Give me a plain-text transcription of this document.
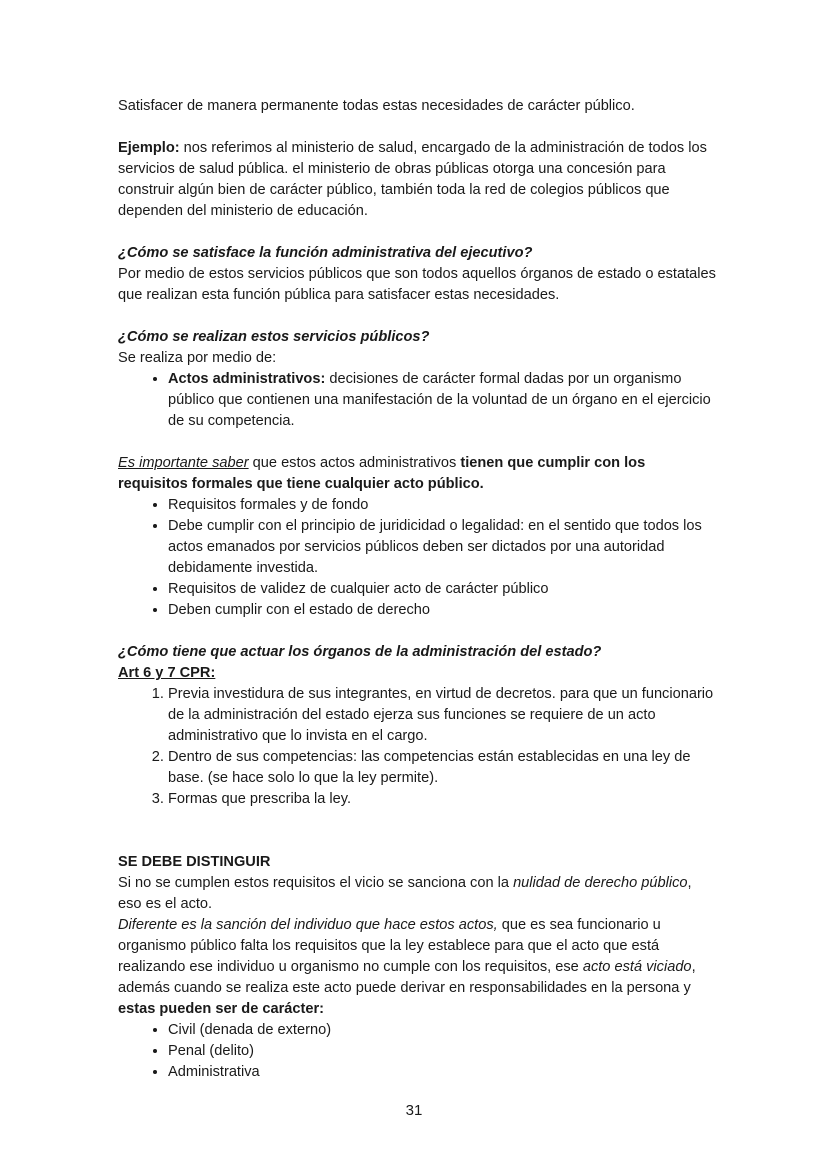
Satisfacer de manera permanente todas estas necesidades de carácter público.

Ejemplo: nos referimos al ministerio de salud, encargado de la administración de todos los servicios de salud pública. el ministerio de obras públicas otorga una concesión para construir algún bien de carácter público, también toda la red de colegios públicos que dependen del ministerio de educación.

¿Cómo se satisface la función administrativa del ejecutivo?

Por medio de estos servicios públicos que son todos aquellos órganos de estado o estatales que realizan esta función pública para satisfacer estas necesidades.

¿Cómo se realizan estos servicios públicos?

Se realiza por medio de:

• Actos administrativos: decisiones de carácter formal dadas por un organismo público que contienen una manifestación de la voluntad de un órgano en el ejercicio de su competencia.

Es importante saber que estos actos administrativos tienen que cumplir con los requisitos formales que tiene cualquier acto público.

• Requisitos formales y de fondo
• Debe cumplir con el principio de juridicidad o legalidad: en el sentido que todos los actos emanados por servicios públicos deben ser dictados por una autoridad debidamente investida.
• Requisitos de validez de cualquier acto de carácter público
• Deben cumplir con el estado de derecho

¿Cómo tiene que actuar los órganos de la administración del estado?

Art 6 y 7 CPR:

1. Previa investidura de sus integrantes, en virtud de decretos. para que un funcionario de la administración del estado ejerza sus funciones se requiere de un acto administrativo que lo invista en el cargo.
2. Dentro de sus competencias: las competencias están establecidas en una ley de base. (se hace solo lo que la ley permite).
3. Formas que prescriba la ley.

SE DEBE DISTINGUIR

Si no se cumplen estos requisitos el vicio se sanciona con la nulidad de derecho público, eso es el acto.

Diferente es la sanción del individuo que hace estos actos, que es sea funcionario u organismo público falta los requisitos que la ley establece para que el acto que está realizando ese individuo u organismo no cumple con los requisitos, ese acto está viciado, además cuando se realiza este acto puede derivar en responsabilidades en la persona y estas pueden ser de carácter:

• Civil (denada de externo)
• Penal (delito)
• Administrativa
31
